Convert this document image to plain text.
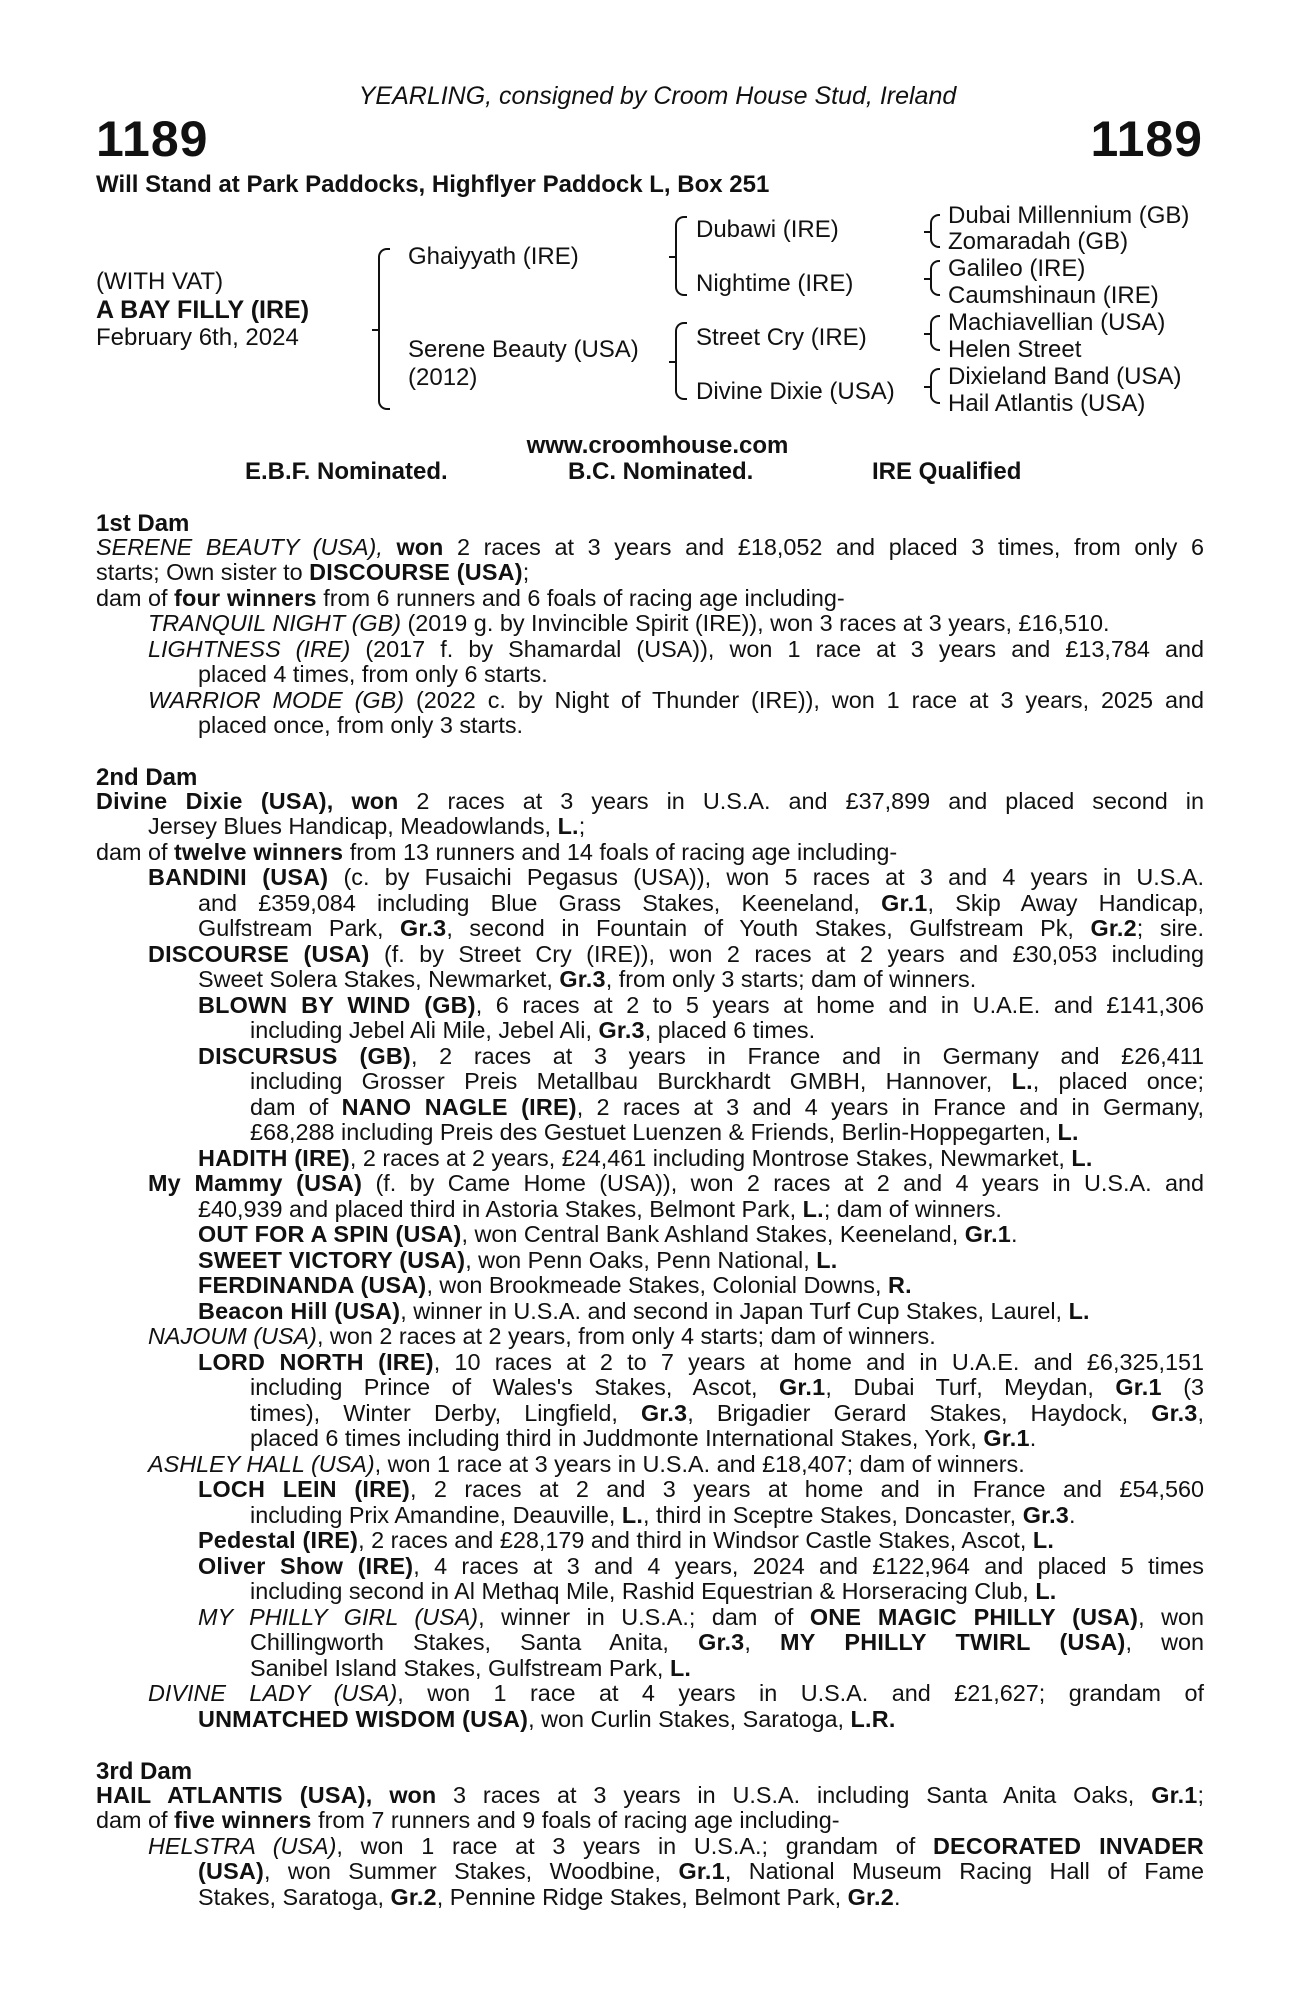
YEARLING, consigned by Croom House Stud, Ireland
1189	1189
Will Stand at Park Paddocks, Highflyer Paddock L, Box 251
(WITH VAT)
A BAY FILLY (IRE)
February 6th, 2024
Ghaiyyath (IRE)
Serene Beauty (USA)
(2012)
Dubawi (IRE)
Nightime (IRE)
Street Cry (IRE)
Divine Dixie (USA)
Dubai Millennium (GB)
Zomaradah (GB)
Galileo (IRE)
Caumshinaun (IRE)
Machiavellian (USA)
Helen Street
Dixieland Band (USA)
Hail Atlantis (USA)
www.croomhouse.com
E.B.F. Nominated.	B.C. Nominated.	IRE Qualified
1st Dam
SERENE BEAUTY (USA), won 2 races at 3 years and £18,052 and placed 3 times, from only 6
starts; Own sister to DISCOURSE (USA);
dam of four winners from 6 runners and 6 foals of racing age including-
TRANQUIL NIGHT (GB) (2019 g. by Invincible Spirit (IRE)), won 3 races at 3 years, £16,510.
LIGHTNESS (IRE) (2017 f. by Shamardal (USA)), won 1 race at 3 years and £13,784 and
placed 4 times, from only 6 starts.
WARRIOR MODE (GB) (2022 c. by Night of Thunder (IRE)), won 1 race at 3 years, 2025 and
placed once, from only 3 starts.
2nd Dam
Divine Dixie (USA), won 2 races at 3 years in U.S.A. and £37,899 and placed second in
Jersey Blues Handicap, Meadowlands, L.;
dam of twelve winners from 13 runners and 14 foals of racing age including-
BANDINI (USA) (c. by Fusaichi Pegasus (USA)), won 5 races at 3 and 4 years in U.S.A.
and £359,084 including Blue Grass Stakes, Keeneland, Gr.1, Skip Away Handicap,
Gulfstream Park, Gr.3, second in Fountain of Youth Stakes, Gulfstream Pk, Gr.2; sire.
DISCOURSE (USA) (f. by Street Cry (IRE)), won 2 races at 2 years and £30,053 including
Sweet Solera Stakes, Newmarket, Gr.3, from only 3 starts; dam of winners.
BLOWN BY WIND (GB), 6 races at 2 to 5 years at home and in U.A.E. and £141,306
including Jebel Ali Mile, Jebel Ali, Gr.3, placed 6 times.
DISCURSUS (GB), 2 races at 3 years in France and in Germany and £26,411
including Grosser Preis Metallbau Burckhardt GMBH, Hannover, L., placed once;
dam of NANO NAGLE (IRE), 2 races at 3 and 4 years in France and in Germany,
£68,288 including Preis des Gestuet Luenzen & Friends, Berlin-Hoppegarten, L.
HADITH (IRE), 2 races at 2 years, £24,461 including Montrose Stakes, Newmarket, L.
My Mammy (USA) (f. by Came Home (USA)), won 2 races at 2 and 4 years in U.S.A. and
£40,939 and placed third in Astoria Stakes, Belmont Park, L.; dam of winners.
OUT FOR A SPIN (USA), won Central Bank Ashland Stakes, Keeneland, Gr.1.
SWEET VICTORY (USA), won Penn Oaks, Penn National, L.
FERDINANDA (USA), won Brookmeade Stakes, Colonial Downs, R.
Beacon Hill (USA), winner in U.S.A. and second in Japan Turf Cup Stakes, Laurel, L.
NAJOUM (USA), won 2 races at 2 years, from only 4 starts; dam of winners.
LORD NORTH (IRE), 10 races at 2 to 7 years at home and in U.A.E. and £6,325,151
including Prince of Wales's Stakes, Ascot, Gr.1, Dubai Turf, Meydan, Gr.1 (3
times), Winter Derby, Lingfield, Gr.3, Brigadier Gerard Stakes, Haydock, Gr.3,
placed 6 times including third in Juddmonte International Stakes, York, Gr.1.
ASHLEY HALL (USA), won 1 race at 3 years in U.S.A. and £18,407; dam of winners.
LOCH LEIN (IRE), 2 races at 2 and 3 years at home and in France and £54,560
including Prix Amandine, Deauville, L., third in Sceptre Stakes, Doncaster, Gr.3.
Pedestal (IRE), 2 races and £28,179 and third in Windsor Castle Stakes, Ascot, L.
Oliver Show (IRE), 4 races at 3 and 4 years, 2024 and £122,964 and placed 5 times
including second in Al Methaq Mile, Rashid Equestrian & Horseracing Club, L.
MY PHILLY GIRL (USA), winner in U.S.A.; dam of ONE MAGIC PHILLY (USA), won
Chillingworth Stakes, Santa Anita, Gr.3, MY PHILLY TWIRL (USA), won
Sanibel Island Stakes, Gulfstream Park, L.
DIVINE LADY (USA), won 1 race at 4 years in U.S.A. and £21,627; grandam of
UNMATCHED WISDOM (USA), won Curlin Stakes, Saratoga, L.R.
3rd Dam
HAIL ATLANTIS (USA), won 3 races at 3 years in U.S.A. including Santa Anita Oaks, Gr.1;
dam of five winners from 7 runners and 9 foals of racing age including-
HELSTRA (USA), won 1 race at 3 years in U.S.A.; grandam of DECORATED INVADER
(USA), won Summer Stakes, Woodbine, Gr.1, National Museum Racing Hall of Fame
Stakes, Saratoga, Gr.2, Pennine Ridge Stakes, Belmont Park, Gr.2.
